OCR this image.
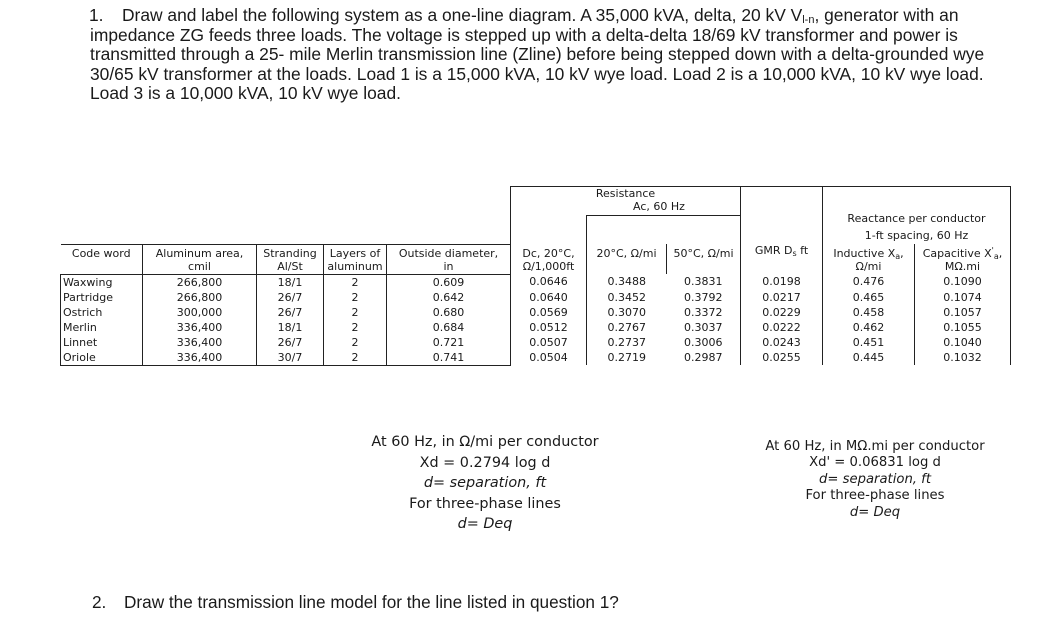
1.	Draw and label the following system as a one-line diagram. A 35,000 kVA, delta, 20 kV $V_{l-n}$, generator with an impedance ZG feeds three loads. The voltage is stepped up with a delta-delta 18/69 kV transformer and power is transmitted through a 25- mile Merlin transmission line (Zline) before being stepped down with a delta-grounded wye 30/65 kV transformer at the loads. Load 1 is a 15,000 kVA, 10 kV wye load. Load 2 is a 10,000 kVA, 10 kV wye load. Load 3 is a 10,000 kVA, 10 kV wye load.

					Resistance
Ac, 60 Hz				Reactance per conductor 1-ft spacing, 60 Hz	

Code word	Aluminum area,	Stranding	Layers of	Outside diameter,	Dc, 20°C,	20°C, Ω/mi	50°C, Ω/mi	GMR $D_s$ ft	Inductive $X_a$,	Capacitive $X'_a$,
	cmil	Al/St	aluminum	in	Ω/1,000ft				Ω/mi	MΩ.mi
Waxwing	266,800	18/1	2	0.609	0.0646	0.3488	0.3831	0.0198	0.476	0.1090
Partridge	266,800	26/7	2	0.642	0.0640	0.3452	0.3792	0.0217	0.465	0.1074
Ostrich	300,000	26/7	2	0.680	0.0569	0.3070	0.3372	0.0229	0.458	0.1057
Merlin	336,400	18/1	2	0.684	0.0512	0.2767	0.3037	0.0222	0.462	0.1055
Linnet	336,400	26/7	2	0.721	0.0507	0.2737	0.3006	0.0243	0.451	0.1040
Oriole	336,400	30/7	2	0.741	0.0504	0.2719	0.2987	0.0255	0.445	0.1032
At 60 Hz, in Ω/mi per conductor
Xd = 0.2794 log d
d= separation, ft
For three-phase lines
d= Deq
At 60 Hz, in MΩ.mi per conductor
Xd' = 0.06831 log d
d= separation, ft
For three-phase lines
d= Deq
2. Draw the transmission line model for the line listed in question 1?
